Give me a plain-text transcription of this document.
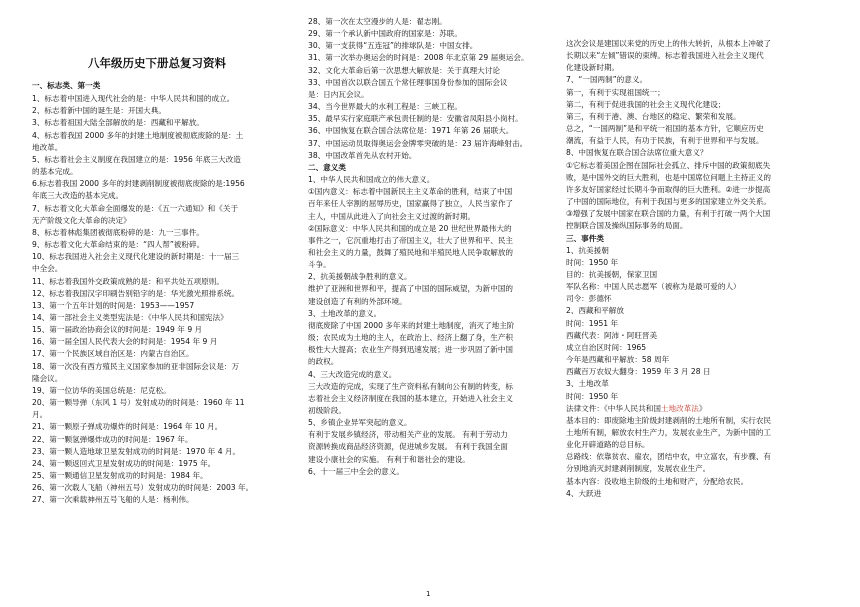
八年级历史下册总复习资料
一、标志类、第一类
1、标志着中国进入现代社会的是：中华人民共和国的成立。
2、标志着新中国的诞生是：开国大典。
3、标志着祖国大陆全部解放的是：西藏和平解放。
4、标志着我国 2000 多年的封建土地制度被彻底废除的是：土
地改革。
5、标志着社会主义制度在我国建立的是：1956 年底三大改造
的基本完成。
6.标志着我国 2000 多年的封建剥削制度被彻底废除的是:1956
年底三大改造的基本完成。
7、标志着文化大革命全面爆发的是：《五一六通知》和《关于
无产阶级文化大革命的决定》
8、标志着林彪集团被彻底粉碎的是：九一三事件。
9、标志着文化大革命结束的是：“四人帮”被粉碎。
10、标志我国进入社会主义现代化建设的新时期是：十一届三
中全会。
11、标志着我国外交政策成熟的是：和平共处五项原则。
12、标志着我国汉字印刷告别铅字的是：华光激光照排系统。
13、第一个五年计划的时间是：1953——1957
14、第一部社会主义类型宪法是：《中华人民共和国宪法》
15、第一届政治协商会议的时间是：1949 年 9 月
16、第一届全国人民代表大会的时间是：1954 年 9 月
17、第一个民族区域自治区是：内蒙古自治区。
18、第一次没有西方殖民主义国家参加的亚非国际会议是：万
隆会议。
19、第一位访华的美国总统是：尼克松。
20、第一颗导弹（东风 1 号）发射成功的时间是：1960 年 11
月。
21、第一颗原子弹成功爆炸的时间是：1964 年 10 月。
22、第一颗氢弹爆炸成功的时间是：1967 年。
23、第一颗人造地球卫星发射成功的时间是：1970 年 4 月。
24、第一颗返回式卫星发射成功的时间是：1975 年。
25、第一颗通信卫星发射成功的时间是：1984 年。
26、第一次载人飞船（神州五号）发射成功的时间是：2003 年。
27、第一次乘载神州五号飞船的人是：杨利伟。
28、第一次在太空漫步的人是：翟志刚。
29、第一个承认新中国政府的国家是：苏联。
30、第一支获得“五连冠”的排球队是：中国女排。
31、第一次举办奥运会的时间是：2008 年北京第 29 届奥运会。
32、文化大革命后第一次思想大解放是：关于真理大讨论
33、中国首次以联合国五个常任理事国身份参加的国际会议
是：日内瓦会议。
34、当今世界最大的水利工程是：三峡工程。
35、最早实行家庭联产承包责任制的是：安徽省凤阳县小岗村。
36、中国恢复在联合国合法席位是：1971 年第 26 届联大。
37、中国运动员取得奥运会金牌零突破的是：23 届许海峰射击。
38、中国改革首先从农村开始。
二、意义类
1、中华人民共和国成立的伟大意义。
①国内意义：标志着中国新民主主义革命的胜利，结束了中国
百年来任人宰割的屈辱历史，国家赢得了独立，人民当家作了
主人，中国从此进入了向社会主义过渡的新时期。
②国际意义：中华人民共和国的成立是 20 世纪世界最伟大的
事件之一，它沉重地打击了帝国主义，壮大了世界和平、民主
和社会主义的力量，鼓舞了殖民地和半殖民地人民争取解放的
斗争。
2、抗美援朝战争胜利的意义。
维护了亚洲和世界和平，提高了中国的国际威望，为新中国的
建设创造了有利的外部环境。
3、土地改革的意义。
彻底废除了中国 2000 多年来的封建土地制度，消灭了地主阶
级；农民成为土地的主人，在政治上、经济上翻了身，生产积
极性大大提高；农业生产得到迅速发展；进一步巩固了新中国
的政权。
4、三大改造完成的意义。
三大改造的完成，实现了生产资料私有制向公有制的转变，标
志着社会主义经济制度在我国的基本建立，开始进入社会主义
初级阶段。
5、乡镇企业异军突起的意义。
有利于发展乡镇经济，带动相关产业的发展。 有利于劳动力
资源转换成商品经济资源，促进城乡发展。 有利于我国全面
建设小康社会的实施。 有利于和谐社会的建设。
6、十一届三中全会的意义。
这次会议是建国以来党的历史上的伟大转折，从根本上冲破了
长期以来“左倾”错误的束缚。标志着我国进入社会主义现代
化建设新时期。
7、“一国两制”的意义。
第一，有利于实现祖国统一；
第二，有利于促进我国的社会主义现代化建设；
第三，有利于港、澳、台地区的稳定、繁荣和发展。
总之，“一国两制”是和平统一祖国的基本方针，它顺应历史
潮流，有益于人民，有功于民族，有利于世界和平与发展。
8、中国恢复在联合国合法席位重大意义？
①它标志着美国企图在国际社会孤立、排斥中国的政策彻底失
败，是中国外交的巨大胜利，也是中国席位问题上主持正义的
许多友好国家经过长期斗争而取得的巨大胜利。②进一步提高
了中国的国际地位，有利于我国与更多的国家建立外交关系。
③增强了发展中国家在联合国的力量，有利于打破一两个大国
控制联合国及操纵国际事务的局面。
三、事件类
1、抗美援朝
时间：1950 年
目的：抗美援朝，保家卫国
军队名称：中国人民志愿军（被称为是最可爱的人）
司令：彭德怀
2、西藏和平解放
时间：1951 年
西藏代表：阿沛・阿旺晋美
成立自治区时间：1965
今年是西藏和平解放：58 周年
西藏百万农奴大翻身：1959 年 3 月 28 日
3、土地改革
时间：1950 年
法律文件：《中华人民共和国土地改革法》
基本目的：即废除地主阶级封建剥削的土地所有制，实行农民
土地所有制，解放农村生产力，发展农业生产，为新中国的工
业化开辟道路的总目标。
总路线：依靠贫农、雇农，团结中农，中立富农，有步骤、有
分别地消灭封建剥削制度，发展农业生产。
基本内容：没收地主阶级的土地和财产，分配给农民。
4、大跃进
1
